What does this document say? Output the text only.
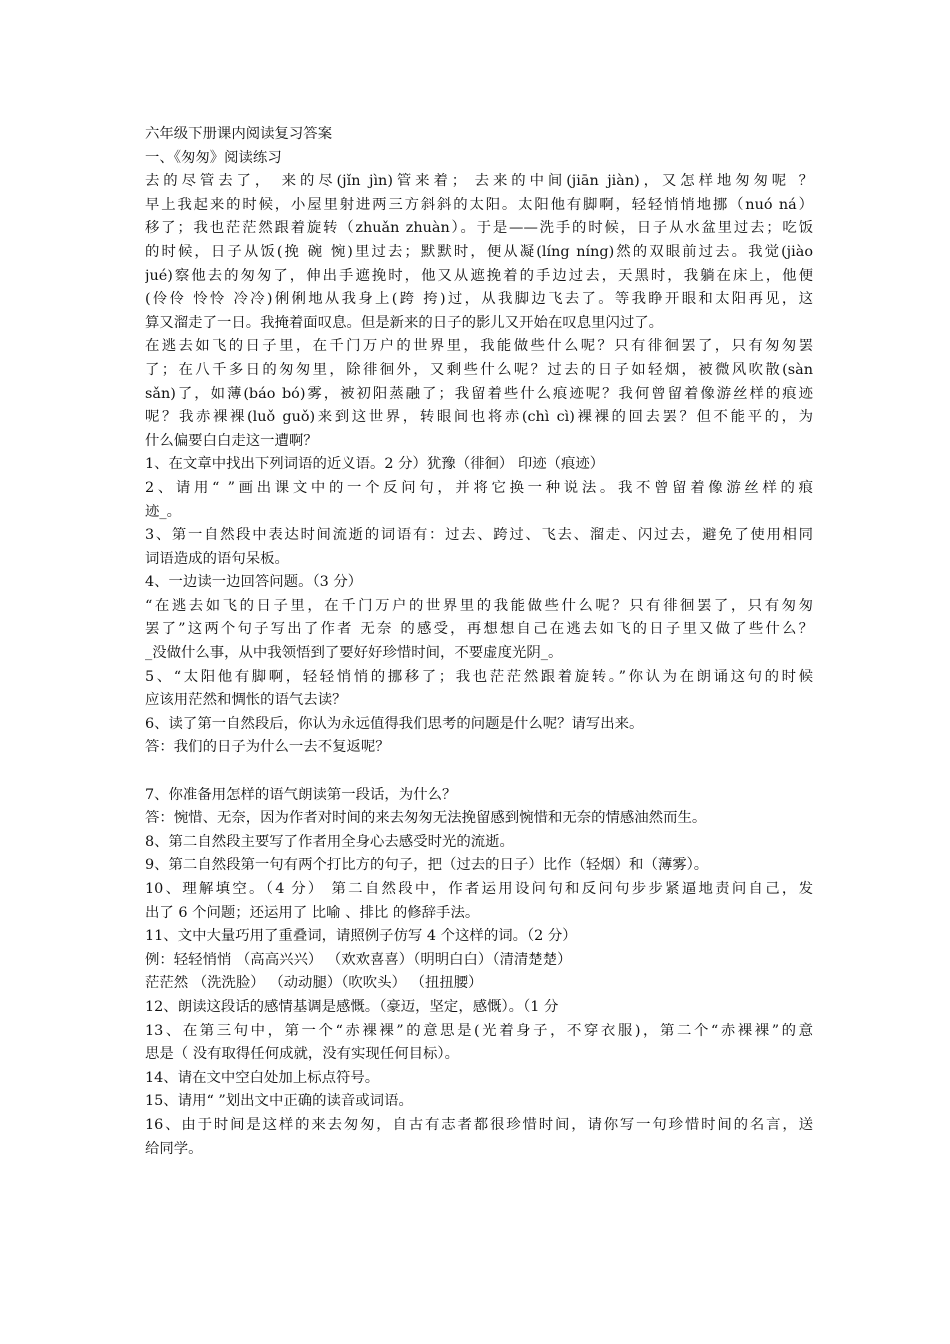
六年级下册课内阅读复习答案
一、《匆匆》阅读练习
去的尽管去了， 来的尽(jǐn jìn)管来着； 去来的中间(jiān jiàn)，又怎样地匆匆呢 ？
早上我起来的时候，小屋里射进两三方斜斜的太阳。太阳他有脚啊，轻轻悄悄地挪（nuó ná）
移了；我也茫茫然跟着旋转（zhuǎn zhuàn）。于是——洗手的时候，日子从水盆里过去；吃饭
的时候，日子从饭(挽 碗 惋)里过去；默默时，便从凝(líng níng)然的双眼前过去。我觉(jiào
jué)察他去的匆匆了，伸出手遮挽时，他又从遮挽着的手边过去，天黑时，我躺在床上，他便
(伶伶 怜怜 冷冷)俐俐地从我身上(跨 挎)过，从我脚边飞去了。等我睁开眼和太阳再见，这
算又溜走了一日。我掩着面叹息。但是新来的日子的影儿又开始在叹息里闪过了。
在逃去如飞的日子里，在千门万户的世界里，我能做些什么呢？只有徘徊罢了，只有匆匆罢
了；在八千多日的匆匆里，除徘徊外，又剩些什么呢？过去的日子如轻烟，被微风吹散(sàn
sǎn)了，如薄(báo bó)雾，被初阳蒸融了；我留着些什么痕迹呢？我何曾留着像游丝样的痕迹
呢？我赤裸裸(luǒ guǒ)来到这世界，转眼间也将赤(chì cì)裸裸的回去罢？但不能平的，为
什么偏要白白走这一遭啊？
1、在文章中找出下列词语的近义语。2 分）犹豫（徘徊） 印迹（痕迹）
2、请用“ ”画出课文中的一个反问句，并将它换一种说法。我不曾留着像游丝样的痕
迹_。
3、第一自然段中表达时间流逝的词语有：过去、跨过、飞去、溜走、闪过去，避免了使用相同
词语造成的语句呆板。
4、一边读一边回答问题。（3 分）
“在逃去如飞的日子里，在千门万户的世界里的我能做些什么呢？只有徘徊罢了，只有匆匆
罢了”这两个句子写出了作者 无奈 的感受，再想想自己在逃去如飞的日子里又做了些什么？
_没做什么事，从中我领悟到了要好好珍惜时间，不要虚度光阴_。
5、“太阳他有脚啊，轻轻悄悄的挪移了；我也茫茫然跟着旋转。”你认为在朗诵这句的时候
应该用茫然和惆怅的语气去读？
6、读了第一自然段后，你认为永远值得我们思考的问题是什么呢？请写出来。
答：我们的日子为什么一去不复返呢？
7、你准备用怎样的语气朗读第一段话，为什么？
答：惋惜、无奈，因为作者对时间的来去匆匆无法挽留感到惋惜和无奈的情感油然而生。
8、第二自然段主要写了作者用全身心去感受时光的流逝。
9、第二自然段第一句有两个打比方的句子，把（过去的日子）比作（轻烟）和（薄雾）。
10、理解填空。（4 分） 第二自然段中，作者运用设问句和反问句步步紧逼地责问自己，发
出了 6 个问题；还运用了 比喻 、排比 的修辞手法。
11、文中大量巧用了重叠词，请照例子仿写 4 个这样的词。（2 分）
例：轻轻悄悄 （高高兴兴） （欢欢喜喜）（明明白白）（清清楚楚）
茫茫然 （洗洗脸） （动动腿）（吹吹头） （扭扭腰）
12、朗读这段话的感情基调是感慨。（豪迈，坚定，感慨）。（1 分
13、在第三句中，第一个“赤裸裸”的意思是(光着身子，不穿衣服)，第二个“赤裸裸”的意
思是（ 没有取得任何成就，没有实现任何目标）。
14、请在文中空白处加上标点符号。
15、请用“ ”划出文中正确的读音或词语。
16、由于时间是这样的来去匆匆，自古有志者都很珍惜时间，请你写一句珍惜时间的名言，送
给同学。
